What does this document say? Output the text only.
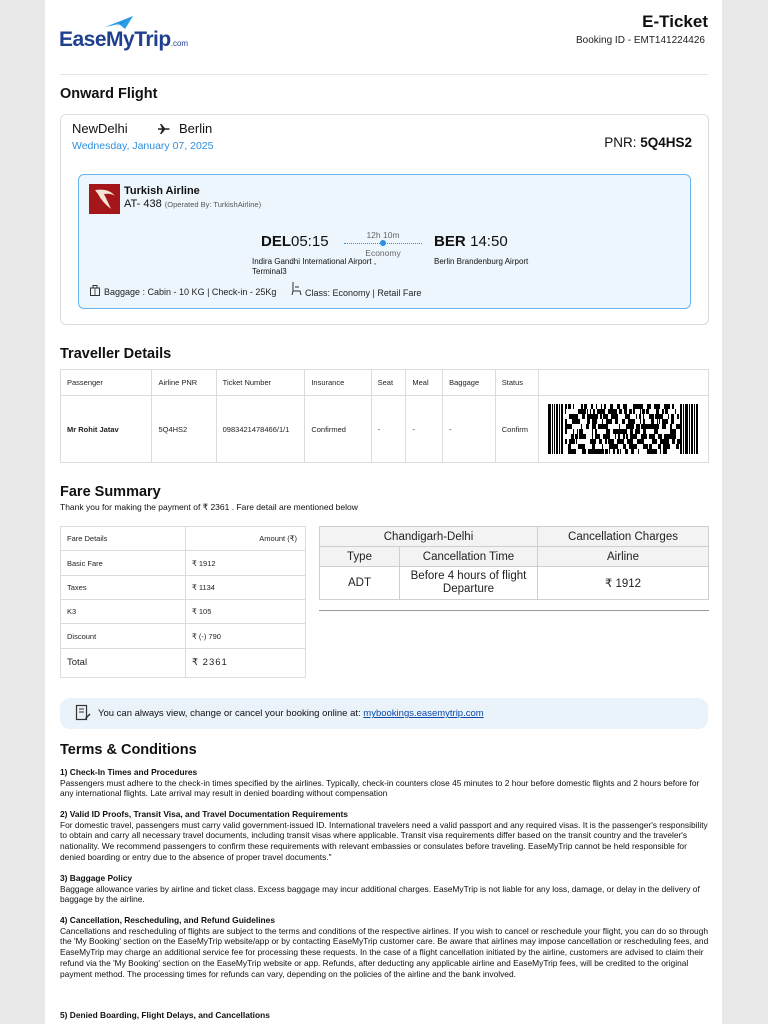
EaseMyTrip.com
E-Ticket
Booking ID - EMT141224426
Onward Flight
NewDelhi	Berlin
Wednesday, January 07, 2025	PNR: 5Q4HS2
Turkish Airline
AT- 438 (Operated By: TurkishAirline)
DEL05:15	12h 10m
Economy
BER 14:50
Indira Gandhi International Airport , Terminal3
Berlin Brandenburg Airport
Baggage : Cabin - 10 KG | Check-in - 25Kg	Class: Economy | Retail Fare
Traveller Details
Passenger	Airline PNR	Ticket Number	Insurance	Seat	Meal	Baggage	Status	
Mr Rohit Jatav	5Q4HS2	0983421478466/1/1	Confirmed	-	-	-	Confirm	
Fare Summary
Thank you for making the payment of ₹ 2361 . Fare detail are mentioned below
Fare Details	Amount (₹)
Basic Fare	₹ 1912
Taxes	₹ 1134
K3	₹ 105
Discount	₹ (-) 790
Total	₹ 2361
Chandigarh-Delhi		Cancellation Charges
Type	Cancellation Time	Airline
ADT	Before 4 hours of flight Departure	₹ 1912
You can always view, change or cancel your booking online at: mybookings.easemytrip.com
Terms & Conditions
1) Check-In Times and Procedures
Passengers must adhere to the check-in times specified by the airlines. Typically, check-in counters close 45 minutes to 2 hour before domestic flights and 2 hours before for any international flights. Late arrival may result in denied boarding without compensation
2) Valid ID Proofs, Transit Visa, and Travel Documentation Requirements
For domestic travel, passengers must carry valid government-issued ID. International travelers need a valid passport and any required visas. It is the passenger's responsibility to obtain and carry all necessary travel documents, including transit visas where applicable. Transit visa requirements differ based on the transit country and the traveler's nationality. We recommend passengers to confirm these requirements with relevant embassies or consulates before traveling. EaseMyTrip cannot be held responsible for denied boarding or entry due to the absence of proper travel documents."
3) Baggage Policy
Baggage allowance varies by airline and ticket class. Excess baggage may incur additional charges. EaseMyTrip is not liable for any loss, damage, or delay in the delivery of baggage by the airline.
4) Cancellation, Rescheduling, and Refund Guidelines
Cancellations and rescheduling of flights are subject to the terms and conditions of the respective airlines. If you wish to cancel or reschedule your flight, you can do so through the 'My Booking' section on the EaseMyTrip website/app or by contacting EaseMyTrip customer care. Be aware that airlines may impose cancellation or rescheduling fees, and EaseMyTrip may charge an additional service fee for processing these requests. In the case of a flight cancellation initiated by the airline, customers are advised to claim their refund via the 'My Booking' section on the EaseMyTrip website or app. Refunds, after deducting any applicable airline and EaseMyTrip fees, will be credited to the original payment method. The processing times for refunds can vary, depending on the policies of the airline and the bank involved.
5) Denied Boarding, Flight Delays, and Cancellations
